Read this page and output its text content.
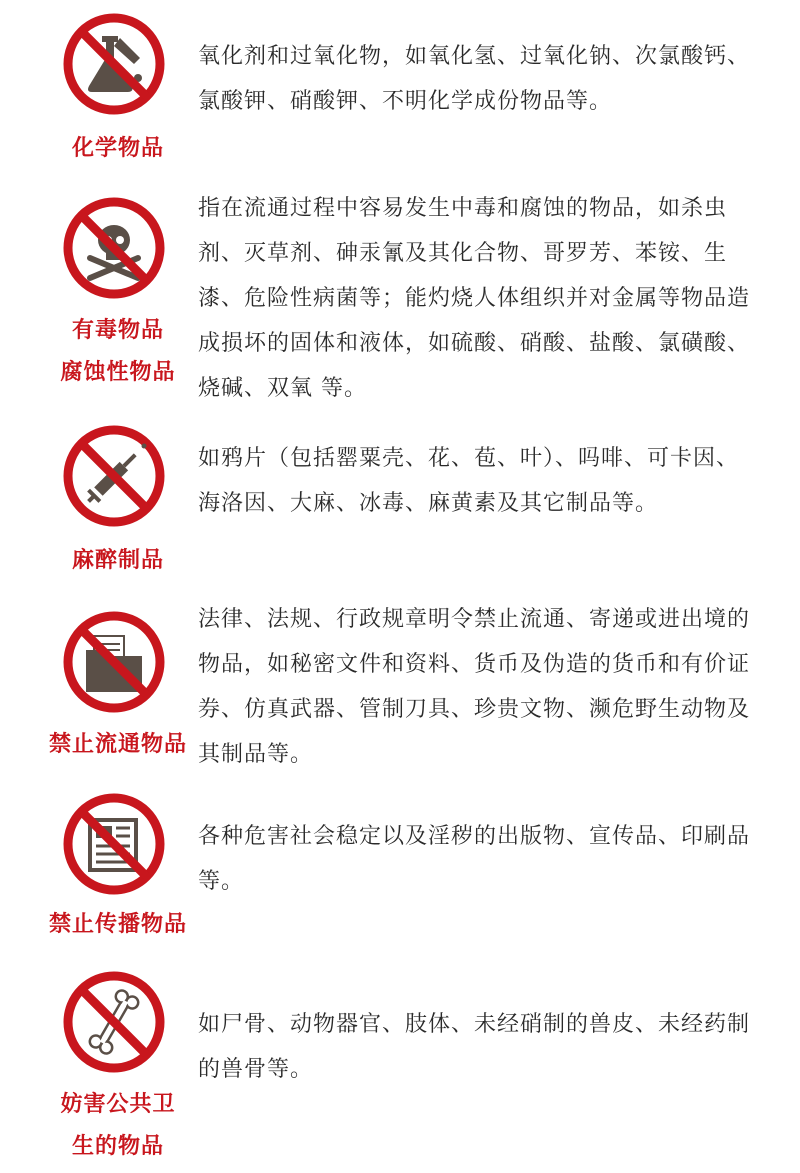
化学物品

氧化剂和过氧化物，如氧化氢、过氧化钠、次氯酸钙、氯酸钾、硝酸钾、不明化学成份物品等。

有毒物品
腐蚀性物品

指在流通过程中容易发生中毒和腐蚀的物品，如杀虫剂、灭草剂、砷汞氰及其化合物、哥罗芳、苯铵、生漆、危险性病菌等；能灼烧人体组织并对金属等物品造成损坏的固体和液体，如硫酸、硝酸、盐酸、氯磺酸、烧碱、双氧 等。

麻醉制品

如鸦片（包括罂粟壳、花、苞、叶）、吗啡、可卡因、海洛因、大麻、冰毒、麻黄素及其它制品等。

禁止流通物品

法律、法规、行政规章明令禁止流通、寄递或进出境的物品，如秘密文件和资料、货币及伪造的货币和有价证券、仿真武器、管制刀具、珍贵文物、濒危野生动物及其制品等。

禁止传播物品

各种危害社会稳定以及淫秽的出版物、宣传品、印刷品等。

妨害公共卫
生的物品

如尸骨、动物器官、肢体、未经硝制的兽皮、未经药制的兽骨等。
